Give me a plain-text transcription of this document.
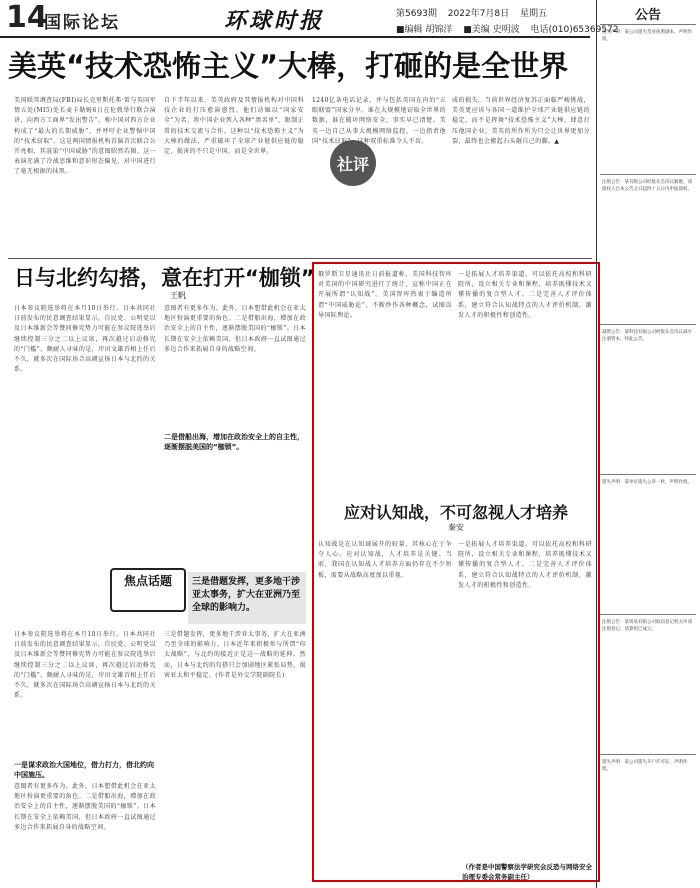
14
国际论坛	环球时报	第5693期 2022年7月8日 星期五
■编辑 胡锦洋 ■美编 史明波 电话(010)65369572
美英“技术恐怖主义”大棒，打砸的是全世界
美国联邦调查局(FBI)局长克里斯托弗·雷与英国军情五处(MI5)处长麦卡勒姆6日在伦敦举行联合演讲，向西方工商界“发出警告”，称中国对西方企业构成了“最大的长期威胁”，并呼吁企业警惕中国的“技术窃取”。这是两国情报机构首脑首次联合公开亮相，其渲染“中国威胁”的意图昭然若揭。这一表演充满了冷战思维和意识形态偏见，对中国进行了毫无根据的抹黑。
自下半年以来，美英政府及其情报机构对中国科技企业的打压愈演愈烈。他们动辄以“国家安全”为名，将中国企业列入各种“黑名单”，限制正常的技术交流与合作。这种以“技术恐怖主义”为大棒的做法，严重破坏了全球产业链供应链的稳定，损害的不只是中国，而是全世界。
社评
1240亿条电话记录，并与包括英国在内的“五眼联盟”国家分享。谁在大规模地窃取全世界的数据，谁在破坏网络安全，事实早已清楚。美英一边自己从事大规模网络监控，一边指责他国“技术窃取”，这种双重标准令人不齿。
成的损失。当前世界经济复苏正面临严峻挑战，美英更应该与各国一道维护全球产业链供应链的稳定，而不是挥舞“技术恐怖主义”大棒，肆意打压他国企业。美英的所作所为只会让世界更加分裂，最终也会搬起石头砸自己的脚。▲
日与北约勾搭，意在打开“枷锁”
王帆
日本参议院选举将在本月10日举行。日本共同社日前发布的民意调查结果显示，自民党、公明党以及日本维新会等赞同修宪势力可能在参议院选举后继续控制三分之二以上议席，再次越过启动修宪的“门槛”。颇耐人寻味的是，岸田文雄首相上任后不久，就多次在国际场合高调宣扬日本与北约的关系。
意图者有更多作为。此外，日本想借此机会在亚太地区扮演更重要的角色。二是借船出海，增加在政治安全上的自主性，逐渐摆脱美国的“枷锁”。日本长期在安全上依赖美国，但日本政府一直试图通过多边合作来拓展自身的战略空间。
一是谋求政治大国地位，借力打力，借北约向中国施压。
二是借船出海，增加在政治安全上的自主性，逐渐摆脱美国的“枷锁”。
焦点话题	三是借题发挥，更多地干涉亚太事务，扩大在亚洲乃至全球的影响力。
日本参议院选举将在本月10日举行。日本共同社日前发布的民意调查结果显示，自民党、公明党以及日本维新会等赞同修宪势力可能在参议院选举后继续控制三分之二以上议席，再次越过启动修宪的“门槛”。颇耐人寻味的是，岸田文雄首相上任后不久，就多次在国际场合高调宣扬日本与北约的关系。
三是借题发挥，更多地干涉亚太事务，扩大在亚洲乃至全球的影响力。日本近年来积极参与所谓“印太战略”，与北约的接近正是这一战略的延伸。然而，日本与北约的勾搭只会加剧地区紧张局势，损害亚太和平稳定。(作者是外交学院副院长)
意图者有更多作为。此外，日本想借此机会在亚太地区扮演更重要的角色。二是借船出海，增加在政治安全上的自主性，逐渐摆脱美国的“枷锁”。日本长期在安全上依赖美国，但日本政府一直试图通过多边合作来拓展自身的战略空间。
俄罗斯卫星通讯社日前报道称，美国科技智库对美国的中国研究进行了统计，宣称中国正在开展所谓“认知战”。美国智库热衷于编造所谓“中国威胁论”，不断炒作各种概念，试图误导国际舆论。
一是拓展人才培养渠道。可以依托高校和科研院所，设立相关专业和课程，培养既懂技术又懂传播的复合型人才。二是完善人才评价体系，建立符合认知战特点的人才评价机制，激发人才的积极性和创造性。
应对认知战，不可忽视人才培养
秦安
认知战是在认知域展开的较量，其核心在于争夺人心。应对认知战，人才培养是关键。当前，我国在认知战人才培养方面仍存在不少短板，需要从战略高度加以重视。
一是拓展人才培养渠道。可以依托高校和科研院所，设立相关专业和课程，培养既懂技术又懂传播的复合型人才。二是完善人才评价体系，建立符合认知战特点的人才评价机制，激发人才的积极性和创造性。
（作者是中国警察法学研究会反恐与网络安全治理专委会常务副主任）
公告
遗失声明：某公司遗失营业执照副本，声明作废。
注销公告：某有限公司经股东会决议解散，请债权人自本公告之日起四十五日内申报债权。
减资公告：某科技有限公司经股东会决议减少注册资本，特此公告。
遗失声明：某单位遗失公章一枚，声明作废。
注销公告：某贸易有限公司拟向登记机关申请注销登记，清算组已成立。
遗失声明：某公司遗失开户许可证，声明作废。
